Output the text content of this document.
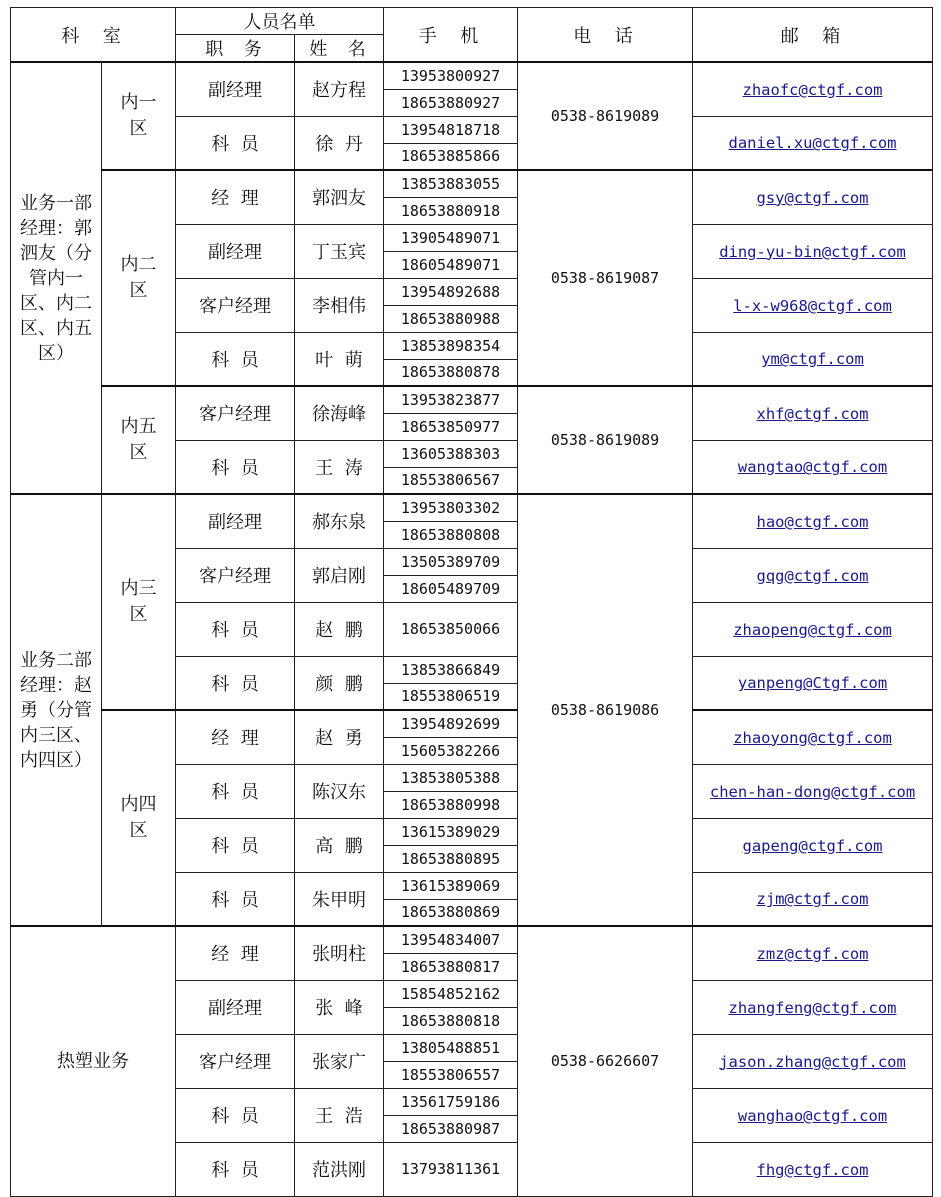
科  室		人员名单		手  机	电  话	邮  箱
		职  务	姓  名			
业务一部经理：郭泗友（分管内一区、内二区、内五区）	内一区	副经理	赵方程	13953800927	0538-8619089	zhaofc@ctgf.com
				18653880927		
		科  员	徐  丹	13954818718		daniel.xu@ctgf.com
				18653885866		
	内二区	经  理	郭泗友	13853883055	0538-8619087	gsy@ctgf.com
				18653880918		
		副经理	丁玉宾	13905489071		ding-yu-bin@ctgf.com
				18605489071		
		客户经理	李相伟	13954892688		l-x-w968@ctgf.com
				18653880988		
		科  员	叶  萌	13853898354		ym@ctgf.com
				18653880878		
	内五区	客户经理	徐海峰	13953823877	0538-8619089	xhf@ctgf.com
				18653850977		
		科  员	王  涛	13605388303		wangtao@ctgf.com
				18553806567		
业务二部经理：赵勇（分管内三区、内四区）	内三区	副经理	郝东泉	13953803302	0538-8619086	hao@ctgf.com
				18653880808		
		客户经理	郭启刚	13505389709		gqg@ctgf.com
				18605489709		
		科  员	赵  鹏	18653850066		zhaopeng@ctgf.com

		科  员	颜  鹏	13853866849		yanpeng@Ctgf.com
				18553806519		
	内四区	经  理	赵  勇	13954892699		zhaoyong@ctgf.com
				15605382266		
		科  员	陈汉东	13853805388		chen-han-dong@ctgf.com
				18653880998		
		科  员	高  鹏	13615389029		gapeng@ctgf.com
				18653880895		
		科  员	朱甲明	13615389069		zjm@ctgf.com
				18653880869		
热塑业务		经  理	张明柱	13954834007	0538-6626607	zmz@ctgf.com
				18653880817		
		副经理	张  峰	15854852162		zhangfeng@ctgf.com
				18653880818		
		客户经理	张家广	13805488851		jason.zhang@ctgf.com
				18553806557		
		科  员	王  浩	13561759186		wanghao@ctgf.com
				18653880987		
		科  员	范洪刚	13793811361		fhg@ctgf.com
